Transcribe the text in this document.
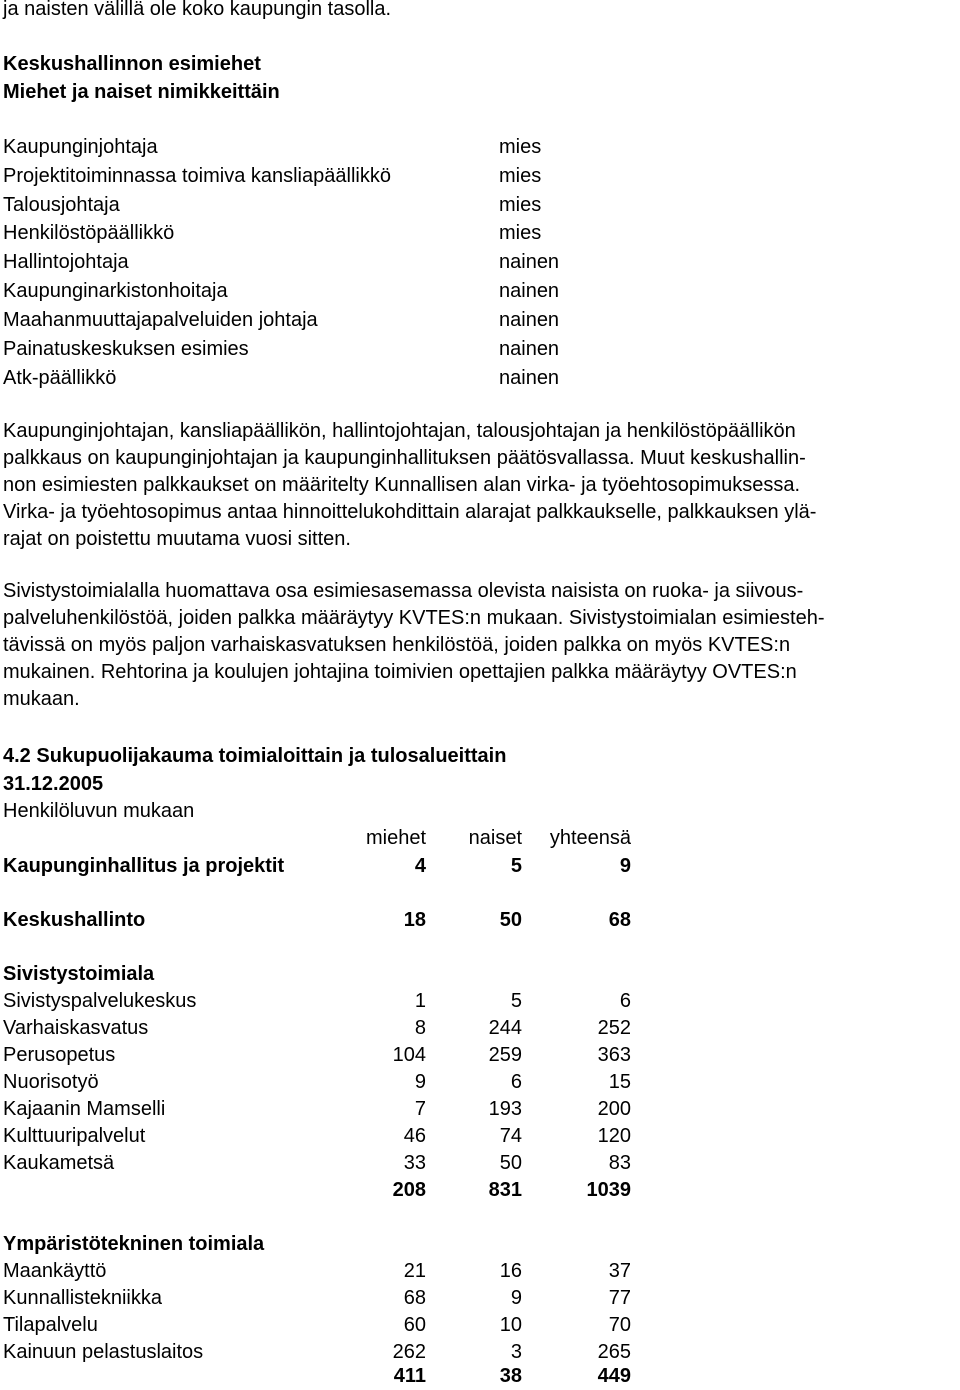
ja naisten välillä ole koko kaupungin tasolla.
Keskushallinnon esimiehet
Miehet ja naiset nimikkeittäin
Kaupunginjohtaja	mies
Projektitoiminnassa toimiva kansliapäällikkö	mies
Talousjohtaja	mies
Henkilöstöpäällikkö	mies
Hallintojohtaja	nainen
Kaupunginarkistonhoitaja	nainen
Maahanmuuttajapalveluiden johtaja	nainen
Painatuskeskuksen esimies	nainen
Atk-päällikkö	nainen
Kaupunginjohtajan, kansliapäällikön, hallintojohtajan, talousjohtajan ja henkilöstöpäällikön
palkkaus on kaupunginjohtajan ja kaupunginhallituksen päätösvallassa. Muut keskushallin-
non esimiesten palkkaukset on määritelty Kunnallisen alan virka- ja työehtosopimuksessa.
Virka- ja työehtosopimus antaa hinnoittelukohdittain alarajat palkkaukselle, palkkauksen ylä-
rajat on poistettu muutama vuosi sitten.
Sivistystoimialalla huomattava osa esimiesasemassa olevista naisista on ruoka- ja siivous-
palveluhenkilöstöä, joiden palkka määräytyy KVTES:n mukaan. Sivistystoimialan esimiesteh-
tävissä on myös paljon varhaiskasvatuksen henkilöstöä, joiden palkka on myös KVTES:n
mukainen. Rehtorina ja koulujen johtajina toimivien opettajien palkka määräytyy OVTES:n
mukaan.
4.2 Sukupuolijakauma toimialoittain ja tulosalueittain
31.12.2005
Henkilöluvun mukaan
miehet	naiset	yhteensä
Kaupunginhallitus ja projektit	4	5	9
Keskushallinto	18	50	68
Sivistystoimiala
Sivistyspalvelukeskus	1	5	6
Varhaiskasvatus	8	244	252
Perusopetus	104	259	363
Nuorisotyö	9	6	15
Kajaanin Mamselli	7	193	200
Kulttuuripalvelut	46	74	120
Kaukametsä	33	50	83
208	831	1039
Ympäristötekninen toimiala
Maankäyttö	21	16	37
Kunnallistekniikka	68	9	77
Tilapalvelu	60	10	70
Kainuun pelastuslaitos	262	3	265
411	38	449
